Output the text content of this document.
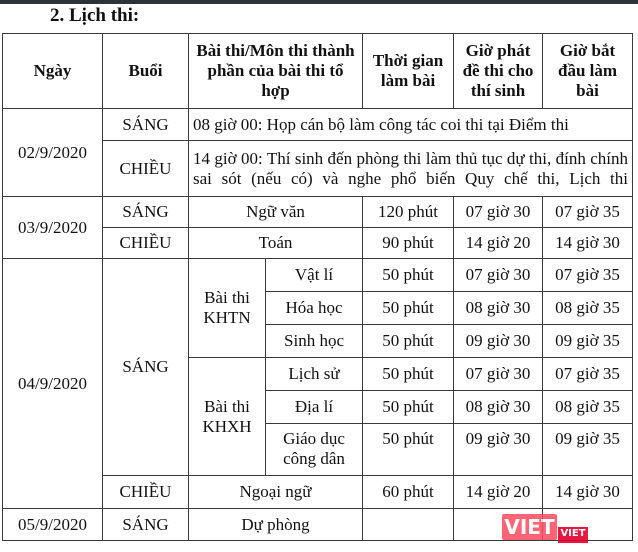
2. Lịch thi:
Ngày	Buổi	Bài thi/Môn thi thành phần của bài thi tổ hợp		Thời gian làm bài	Giờ phát đề thi cho thí sinh	Giờ bắt đầu làm bài
02/9/2020	SÁNG	08 giờ 00: Họp cán bộ làm công tác coi thi tại Điểm thi				
	CHIỀU	14 giờ 00: Thí sinh đến phòng thi làm thủ tục dự thi, đính chính sai sót (nếu có) và nghe phổ biến Quy chế thi, Lịch thi				
03/9/2020	SÁNG	Ngữ văn		120 phút	07 giờ 30	07 giờ 35
	CHIỀU	Toán		90 phút	14 giờ 20	14 giờ 30
04/9/2020	SÁNG	Bài thi KHTN	Vật lí	50 phút	07 giờ 30	07 giờ 35
			Hóa học	50 phút	08 giờ 30	08 giờ 35
			Sinh học	50 phút	09 giờ 30	09 giờ 35
		Bài thi KHXH	Lịch sử	50 phút	07 giờ 30	07 giờ 35
			Địa lí	50 phút	08 giờ 30	08 giờ 35
			Giáo dục công dân	50 phút	09 giờ 30	09 giờ 35
	CHIỀU	Ngoại ngữ		60 phút	14 giờ 20	14 giờ 30
05/9/2020	SÁNG	Dự phòng					VIET VIET
